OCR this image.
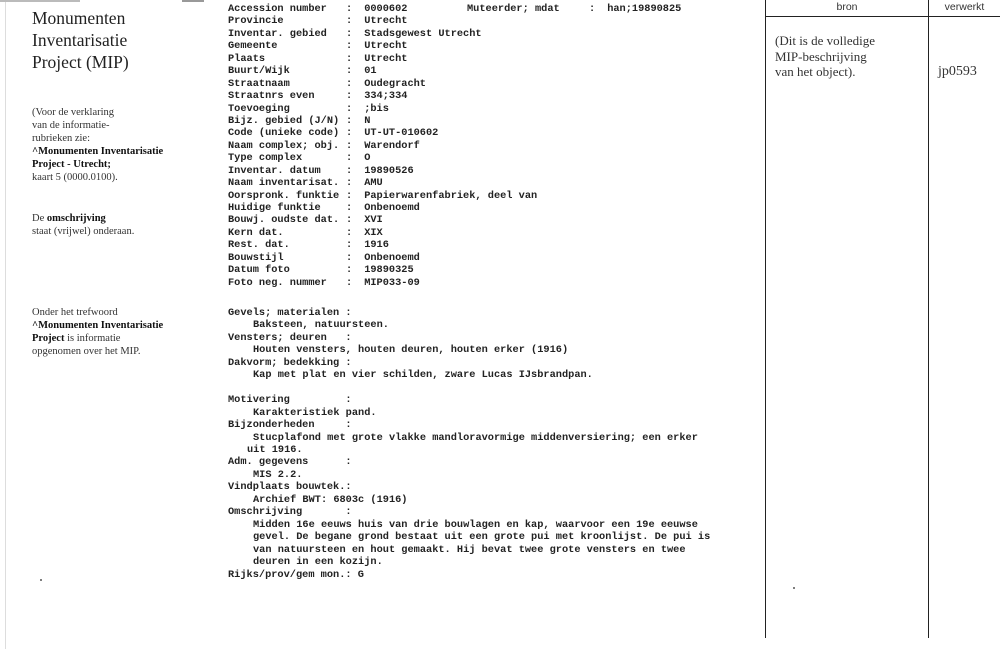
Monumenten
Inventarisatie
Project (MIP)
(Voor de verklaring
van de informatie-
rubrieken zie:
^Monumenten Inventarisatie
Project - Utrecht;
kaart 5 (0000.0100).
De omschrijving
staat (vrijwel) onderaan.
Onder het trefwoord
^Monumenten Inventarisatie
Project is informatie
opgenomen over het MIP.
Accession number : 0000602	Muteerder; mdat	: han;19890825
Provincie	: Utrecht
Inventar. gebied : Stadsgewest Utrecht
Gemeente	: Utrecht
Plaats	: Utrecht
Buurt/Wijk	: 01
Straatnaam	: Oudegracht
Straatnrs even	: 334;334
Toevoeging	: ;bis
Bijz. gebied (J/N) : N
Code (unieke code) : UT-UT-010602
Naam complex; obj. : Warendorf
Type complex	: O
Inventar. datum : 19890526
Naam inventarisat. : AMU
Oorspronk. funktie : Papierwarenfabriek, deel van
Huidige funktie : Onbenoemd
Bouwj. oudste dat. : XVI
Kern dat.	: XIX
Rest. dat.	: 1916
Bouwstijl	: Onbenoemd
Datum foto	: 19890325
Foto neg. nummer : MIP033-09
Gevels; materialen :
Baksteen, natuursteen.
Vensters; deuren   :
Houten vensters, houten deuren, houten erker (1916)
Dakvorm; bedekking :
Kap met plat en vier schilden, zware Lucas IJsbrandpan.
Motivering         :
Karakteristiek pand.
Bijzonderheden     :
Stucplafond met grote vlakke mandloravormige middenversiering; een erker
uit 1916.
Adm. gegevens      :
MIS 2.2.
Vindplaats bouwtek.:
Archief BWT: 6803c (1916)
Omschrijving       :
Midden 16e eeuws huis van drie bouwlagen en kap, waarvoor een 19e eeuwse
gevel. De begane grond bestaat uit een grote pui met kroonlijst. De pui is
van natuursteen en hout gemaakt. Hij bevat twee grote vensters en twee
deuren in een kozijn.
Rijks/prov/gem mon.: G
bron	verwerkt
(Dit is de volledige
MIP-beschrijving
van het object).	jp0593
